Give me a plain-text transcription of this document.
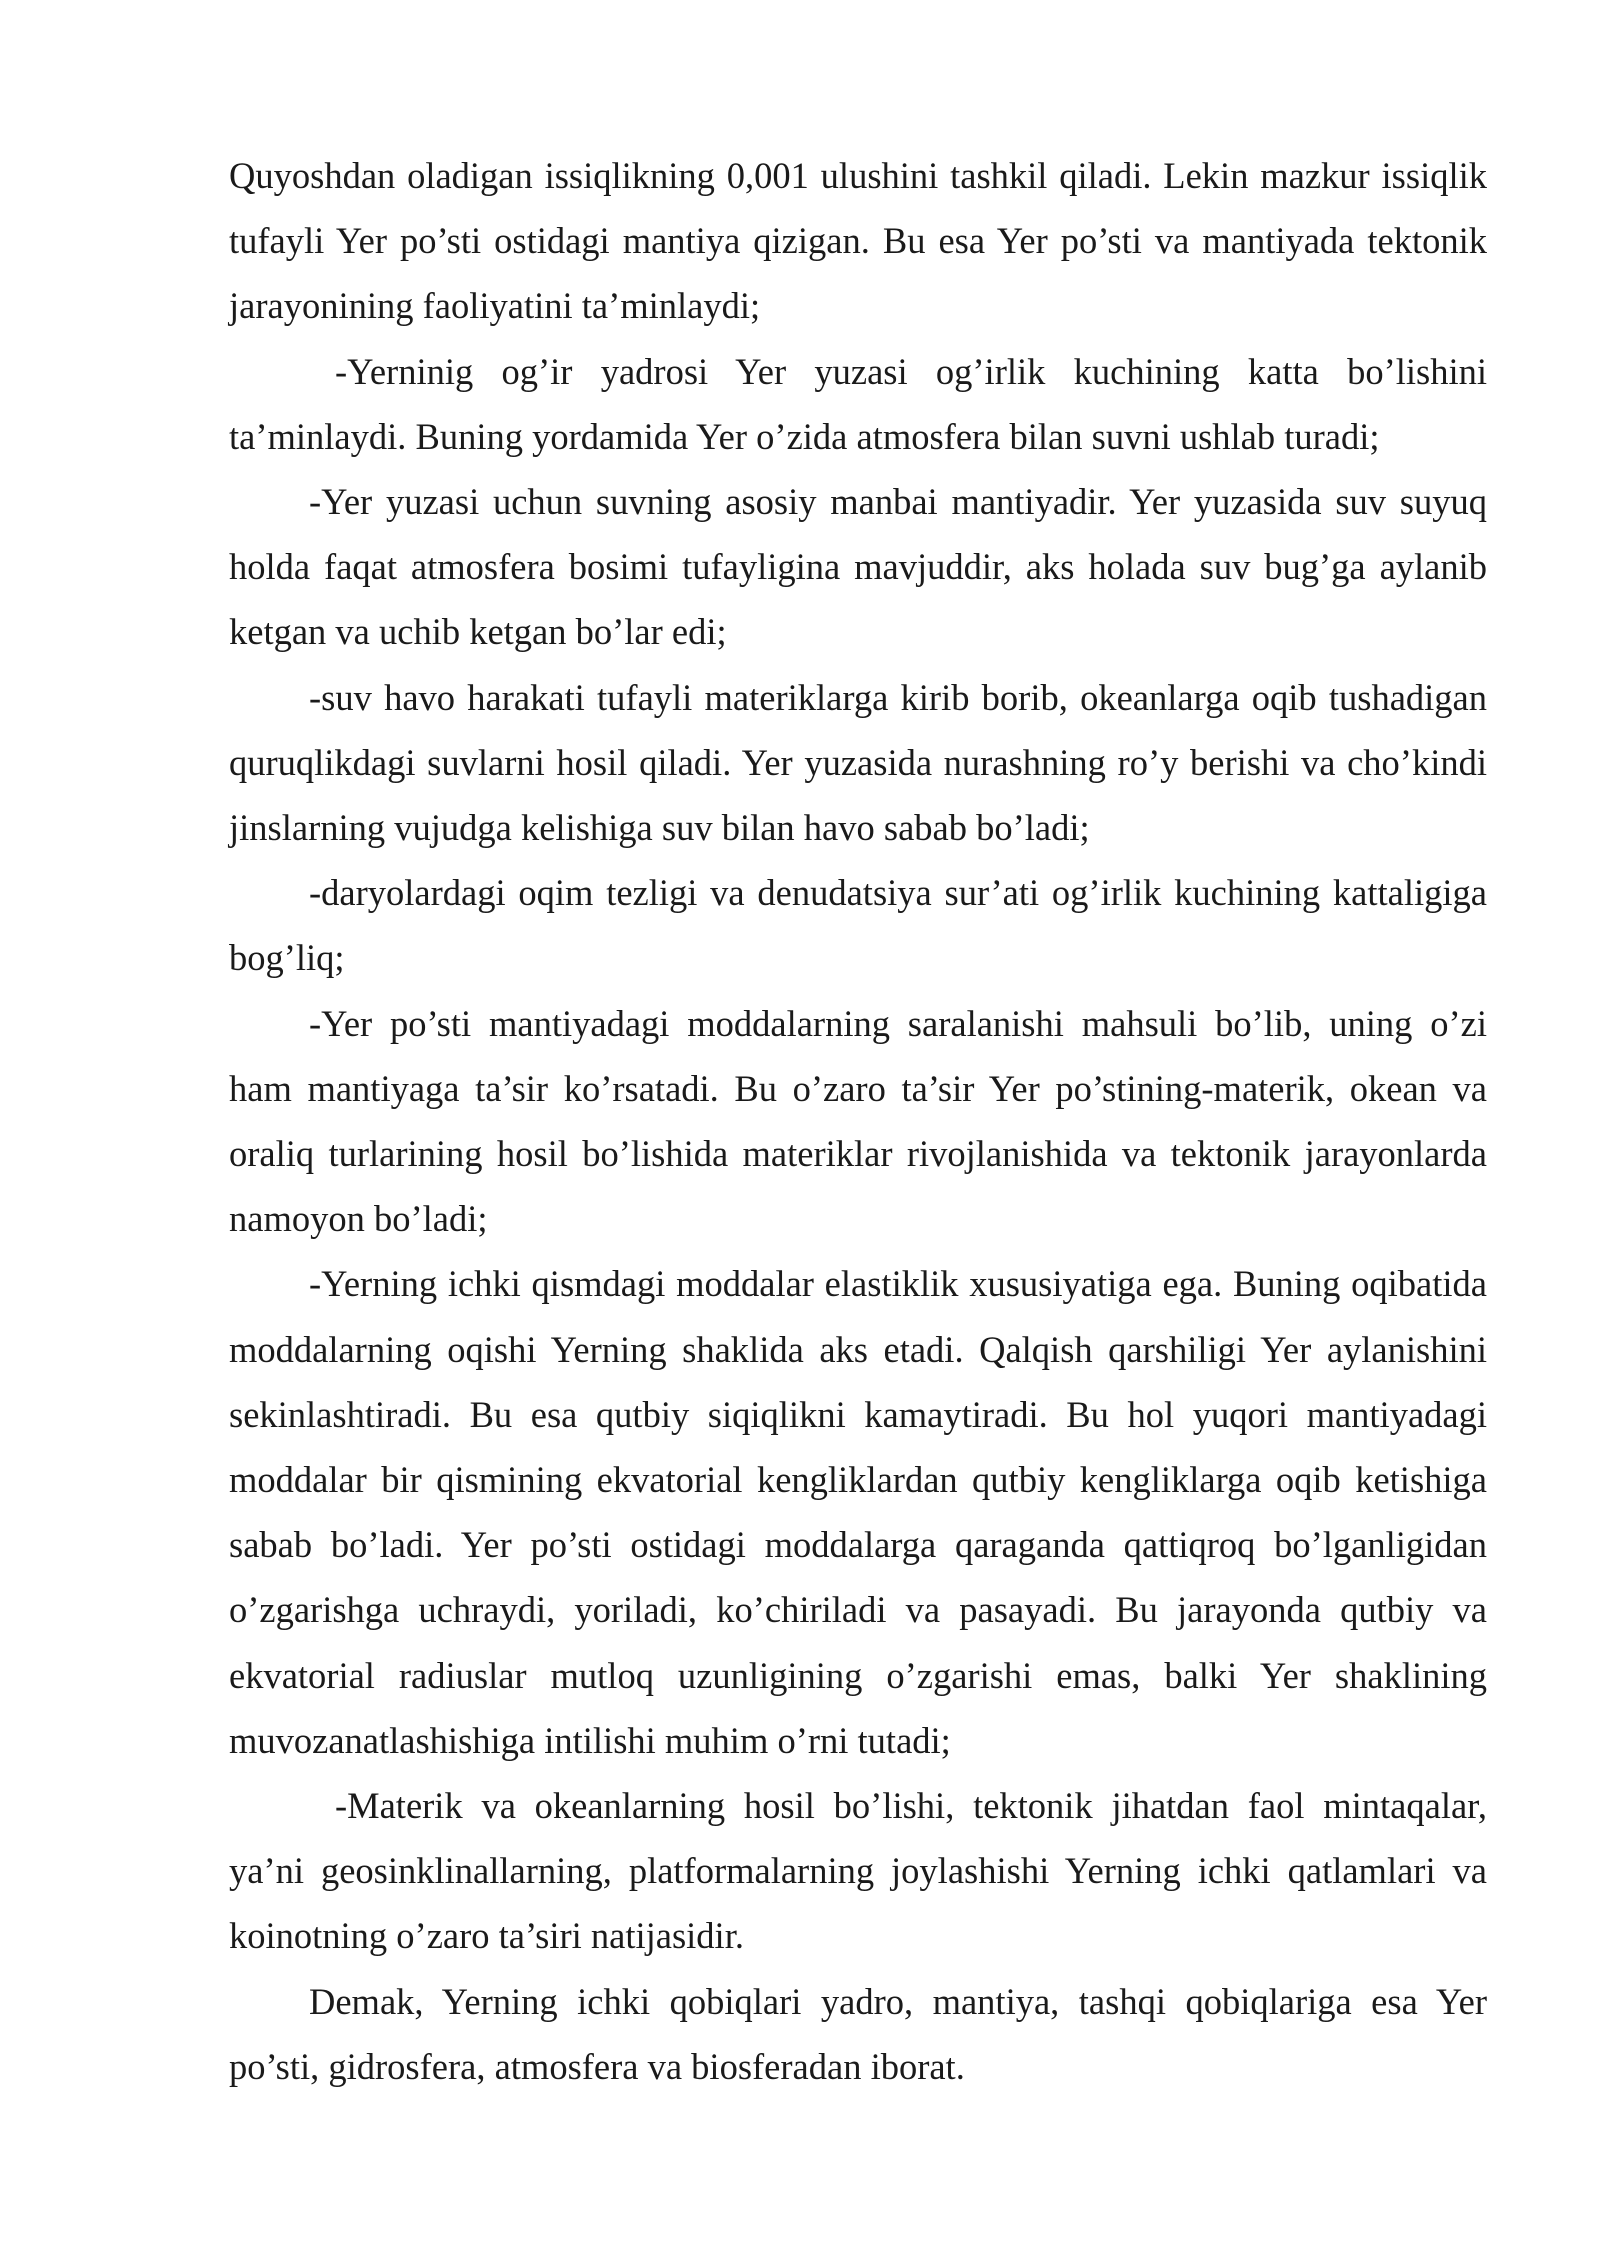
Quyoshdan oladigan issiqlikning 0,001 ulushini tashkil qiladi. Lekin mazkur issiqlik tufayli Yer po’sti ostidagi mantiya qizigan. Bu esa Yer po’sti va mantiyada tektonik jarayonining faoliyatini ta’minlaydi;

-Yerninig og’ir yadrosi Yer yuzasi og’irlik kuchining katta bo’lishini ta’minlaydi. Buning yordamida Yer o’zida atmosfera bilan suvni ushlab turadi;

-Yer yuzasi uchun suvning asosiy manbai mantiyadir. Yer yuzasida suv suyuq holda faqat atmosfera bosimi tufayligina mavjuddir, aks holada suv bug’ga aylanib ketgan va uchib ketgan bo’lar edi;

-suv havo harakati tufayli materiklarga kirib borib, okeanlarga oqib tushadigan quruqlikdagi suvlarni hosil qiladi. Yer yuzasida nurashning ro’y berishi va cho’kindi jinslarning vujudga kelishiga suv bilan havo sabab bo’ladi;

-daryolardagi oqim tezligi va denudatsiya sur’ati og’irlik kuchining kattaligiga bog’liq;

-Yer po’sti mantiyadagi moddalarning saralanishi mahsuli bo’lib, uning o’zi ham mantiyaga ta’sir ko’rsatadi. Bu o’zaro ta’sir Yer po’stining-materik, okean va oraliq turlarining hosil bo’lishida materiklar rivojlanishida va tektonik jarayonlarda namoyon bo’ladi;

-Yerning ichki qismdagi moddalar elastiklik xususiyatiga ega. Buning oqibatida moddalarning oqishi Yerning shaklida aks etadi. Qalqish qarshiligi Yer aylanishini sekinlashtiradi. Bu esa qutbiy siqiqlikni kamaytiradi. Bu hol yuqori mantiyadagi moddalar bir qismining ekvatorial kengliklardan qutbiy kengliklarga oqib ketishiga sabab bo’ladi. Yer po’sti ostidagi moddalarga qaraganda qattiqroq bo’lganligidan o’zgarishga uchraydi, yoriladi, ko’chiriladi va pasayadi. Bu jarayonda qutbiy va ekvatorial radiuslar mutloq uzunligining o’zgarishi emas, balki Yer shaklining muvozanatlashishiga intilishi muhim o’rni tutadi;

-Materik va okeanlarning hosil bo’lishi, tektonik jihatdan faol mintaqalar, ya’ni geosinklinallarning, platformalarning joylashishi Yerning ichki qatlamlari va koinotning o’zaro ta’siri natijasidir.

Demak, Yerning ichki qobiqlari yadro, mantiya, tashqi qobiqlariga esa Yer po’sti, gidrosfera, atmosfera va biosferadan iborat.
